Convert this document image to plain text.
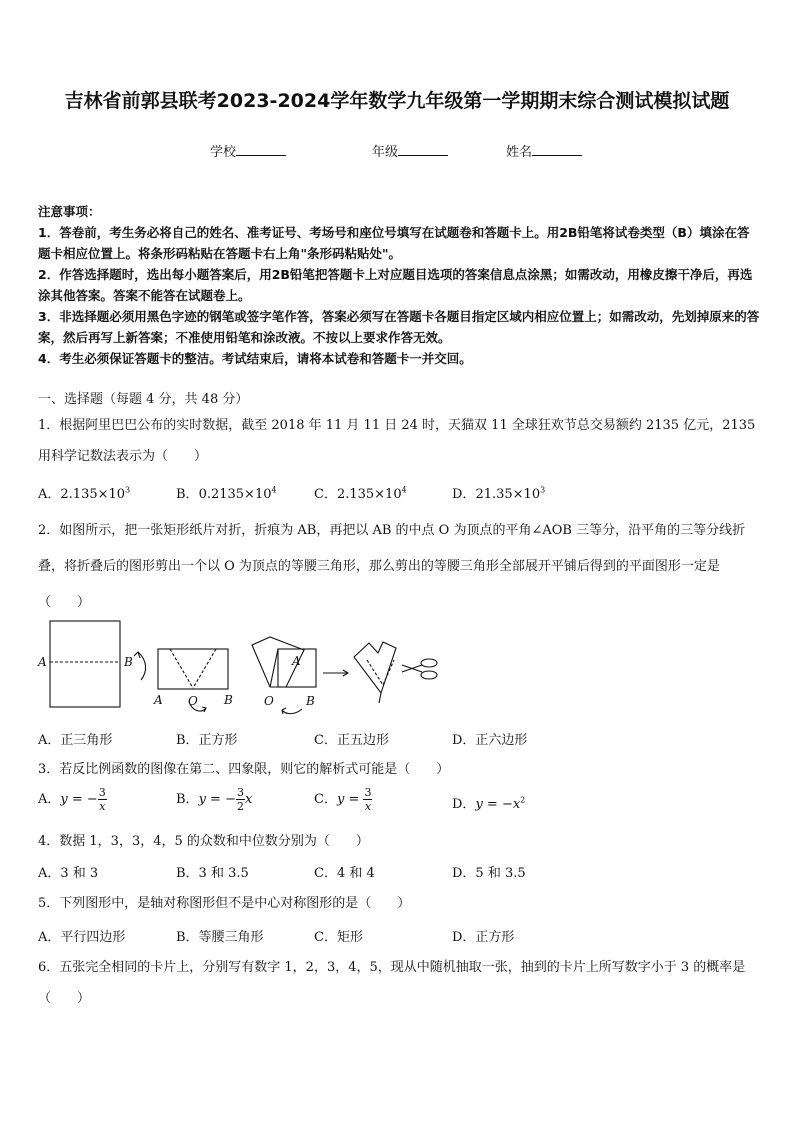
吉林省前郭县联考2023-2024学年数学九年级第一学期期末综合测试模拟试题
学校	年级	姓名
注意事项：
1．答卷前，考生务必将自己的姓名、准考证号、考场号和座位号填写在试题卷和答题卡上。用2B铅笔将试卷类型（B）填涂在答题卡相应位置上。将条形码粘贴在答题卡右上角"条形码粘贴处"。
2．作答选择题时，选出每小题答案后，用2B铅笔把答题卡上对应题目选项的答案信息点涂黑；如需改动，用橡皮擦干净后，再选涂其他答案。答案不能答在试题卷上。
3．非选择题必须用黑色字迹的钢笔或签字笔作答，答案必须写在答题卡各题目指定区域内相应位置上；如需改动，先划掉原来的答案，然后再写上新答案；不准使用铅笔和涂改液。不按以上要求作答无效。
4．考生必须保证答题卡的整洁。考试结束后，请将本试卷和答题卡一并交回。
一、选择题（每题 4 分，共 48 分）
1．根据阿里巴巴公布的实时数据，截至 2018 年 11 月 11 日 24 时，天猫双 11 全球狂欢节总交易额约 2135 亿元，2135 用科学记数法表示为（　　）
A．$2.135\times 10^3$	B．$0.2135\times 10^4$	C．$2.135\times 10^4$	D．$21.35\times 10^3$
2．如图所示，把一张矩形纸片对折，折痕为 AB，再把以 AB 的中点 O 为顶点的平角∠AOB 三等分，沿平角的三等分线折叠，将折叠后的图形剪出一个以 O 为顶点的等腰三角形，那么剪出的等腰三角形全部展开平铺后得到的平面图形一定是（　　）
A	B
A O B
A
O	B
A．正三角形	B．正方形	C．正五边形	D．正六边形
3．若反比例函数的图像在第二、四象限，则它的解析式可能是（　　）
A．y = − $\frac{3}{x}$	B．y = − $\frac{3}{2}$ x	C．$y = \frac{3}{x}$	D．$y = -x^2$
4．数据 1，3，3，4，5 的众数和中位数分别为（　　）
A．3 和 3	B．3 和 3.5	C．4 和 4	D．5 和 3.5
5．下列图形中，是轴对称图形但不是中心对称图形的是（　　）
A．平行四边形	B．等腰三角形	C．矩形	D．正方形
6．五张完全相同的卡片上，分别写有数字 1，2，3，4，5，现从中随机抽取一张，抽到的卡片上所写数字小于 3 的概率是（　　）
